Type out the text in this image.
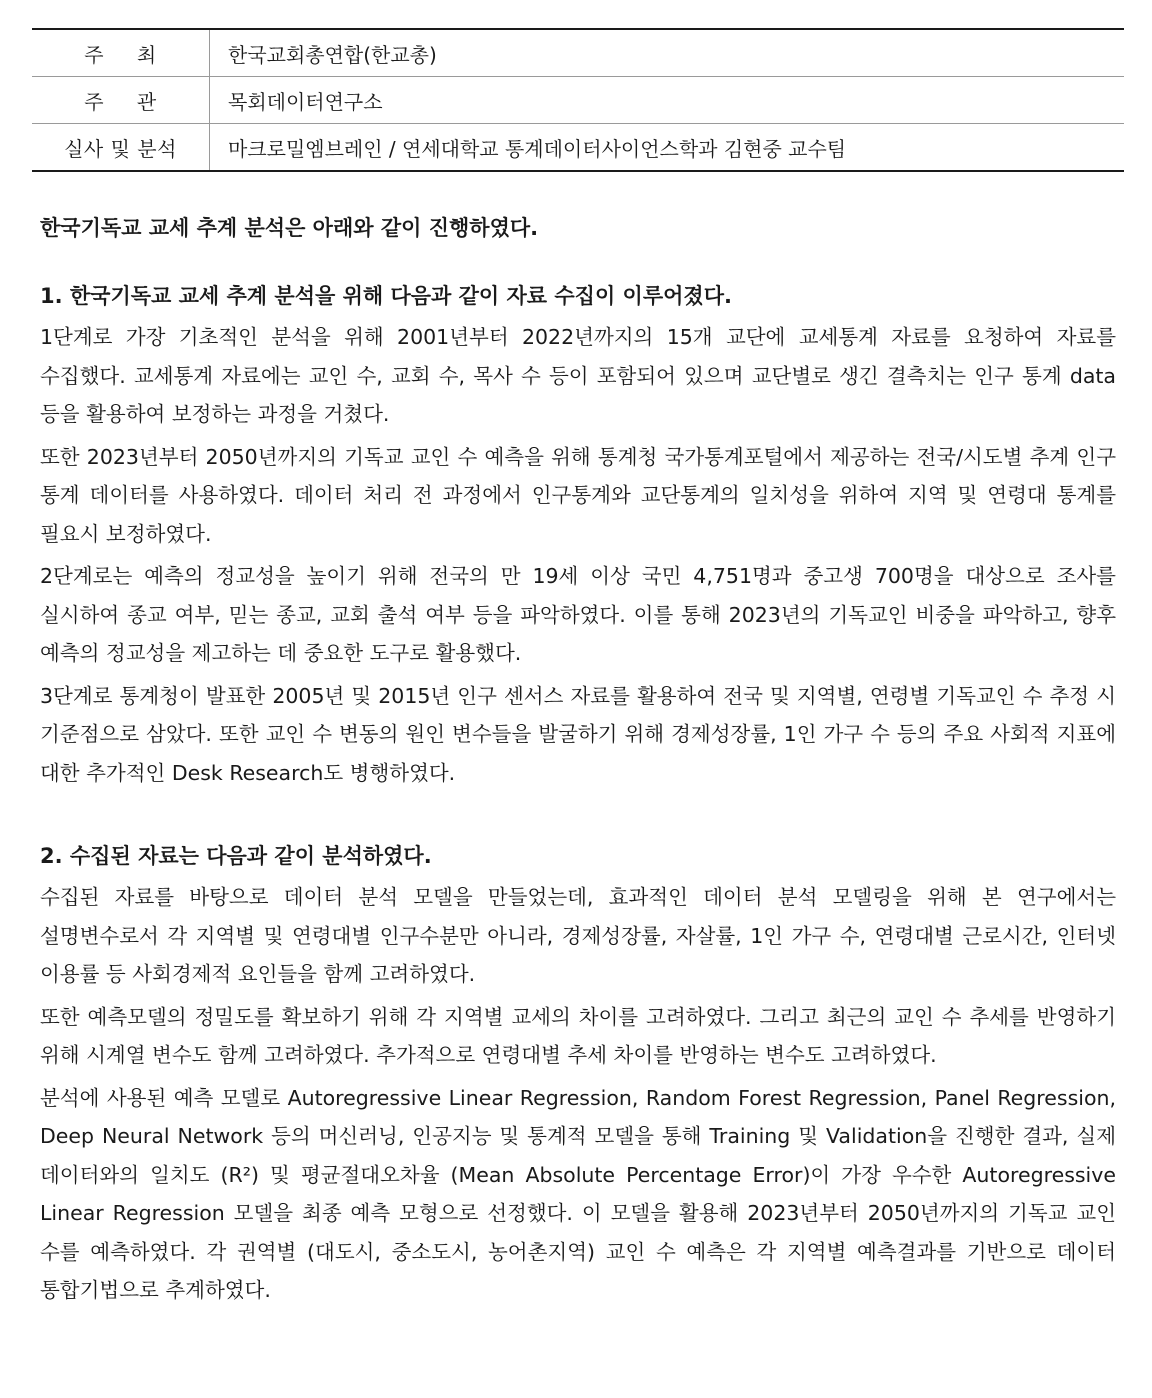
주 최	한국교회총연합(한교총)
주 관	목회데이터연구소
실사 및 분석	마크로밀엠브레인 / 연세대학교 통계데이터사이언스학과 김현중 교수팀

한국기독교 교세 추계 분석은 아래와 같이 진행하였다.

1. 한국기독교 교세 추계 분석을 위해 다음과 같이 자료 수집이 이루어졌다.

1단계로 가장 기초적인 분석을 위해 2001년부터 2022년까지의 15개 교단에 교세통계 자료를 요청하여 자료를 수집했다. 교세통계 자료에는 교인 수, 교회 수, 목사 수 등이 포함되어 있으며 교단별로 생긴 결측치는 인구 통계 data 등을 활용하여 보정하는 과정을 거쳤다.

또한 2023년부터 2050년까지의 기독교 교인 수 예측을 위해 통계청 국가통계포털에서 제공하는 전국/시도별 추계 인구 통계 데이터를 사용하였다. 데이터 처리 전 과정에서 인구통계와 교단통계의 일치성을 위하여 지역 및 연령대 통계를 필요시 보정하였다.

2단계로는 예측의 정교성을 높이기 위해 전국의 만 19세 이상 국민 4,751명과 중고생 700명을 대상으로 조사를 실시하여 종교 여부, 믿는 종교, 교회 출석 여부 등을 파악하였다. 이를 통해 2023년의 기독교인 비중을 파악하고, 향후 예측의 정교성을 제고하는 데 중요한 도구로 활용했다.

3단계로 통계청이 발표한 2005년 및 2015년 인구 센서스 자료를 활용하여 전국 및 지역별, 연령별 기독교인 수 추정 시 기준점으로 삼았다. 또한 교인 수 변동의 원인 변수들을 발굴하기 위해 경제성장률, 1인 가구 수 등의 주요 사회적 지표에 대한 추가적인 Desk Research도 병행하였다.

2. 수집된 자료는 다음과 같이 분석하였다.

수집된 자료를 바탕으로 데이터 분석 모델을 만들었는데, 효과적인 데이터 분석 모델링을 위해 본 연구에서는 설명변수로서 각 지역별 및 연령대별 인구수분만 아니라, 경제성장률, 자살률, 1인 가구 수, 연령대별 근로시간, 인터넷 이용률 등 사회경제적 요인들을 함께 고려하였다.

또한 예측모델의 정밀도를 확보하기 위해 각 지역별 교세의 차이를 고려하였다. 그리고 최근의 교인 수 추세를 반영하기 위해 시계열 변수도 함께 고려하였다. 추가적으로 연령대별 추세 차이를 반영하는 변수도 고려하였다.

분석에 사용된 예측 모델로 Autoregressive Linear Regression, Random Forest Regression, Panel Regression, Deep Neural Network 등의 머신러닝, 인공지능 및 통계적 모델을 통해 Training 및 Validation을 진행한 결과, 실제 데이터와의 일치도 (R²) 및 평균절대오차율 (Mean Absolute Percentage Error)이 가장 우수한 Autoregressive Linear Regression 모델을 최종 예측 모형으로 선정했다. 이 모델을 활용해 2023년부터 2050년까지의 기독교 교인 수를 예측하였다. 각 권역별 (대도시, 중소도시, 농어촌지역) 교인 수 예측은 각 지역별 예측결과를 기반으로 데이터 통합기법으로 추계하였다.
